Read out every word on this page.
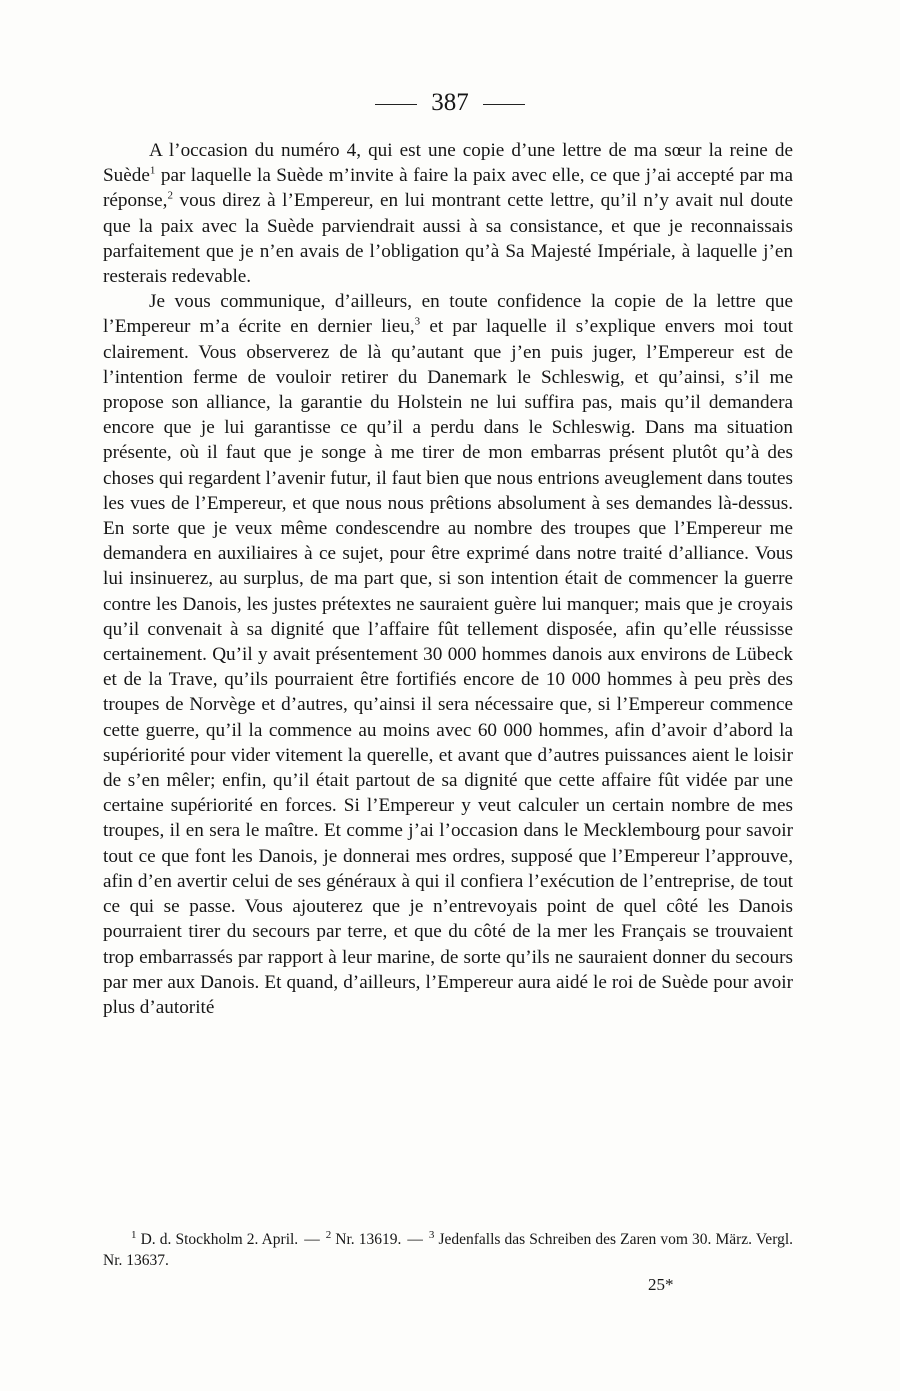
387

A l’occasion du numéro 4, qui est une copie d’une lettre de ma sœur la reine de Suède$^1$ par laquelle la Suède m’invite à faire la paix avec elle, ce que j’ai accepté par ma réponse,$^2$ vous direz à l’Empereur, en lui montrant cette lettre, qu’il n’y avait nul doute que la paix avec la Suède parviendrait aussi à sa consistance, et que je reconnaissais parfaitement que je n’en avais de l’obligation qu’à Sa Majesté Impériale, à laquelle j’en resterais redevable.

Je vous communique, d’ailleurs, en toute confidence la copie de la lettre que l’Empereur m’a écrite en dernier lieu,$^3$ et par laquelle il s’explique envers moi tout clairement. Vous observerez de là qu’autant que j’en puis juger, l’Empereur est de l’intention ferme de vouloir retirer du Danemark le Schleswig, et qu’ainsi, s’il me propose son alliance, la garantie du Holstein ne lui suffira pas, mais qu’il demandera encore que je lui garantisse ce qu’il a perdu dans le Schleswig. Dans ma situation présente, où il faut que je songe à me tirer de mon embarras présent plutôt qu’à des choses qui regardent l’avenir futur, il faut bien que nous entrions aveuglement dans toutes les vues de l’Empereur, et que nous nous prêtions absolument à ses demandes là-dessus. En sorte que je veux même condescendre au nombre des troupes que l’Empereur me demandera en auxiliaires à ce sujet, pour être exprimé dans notre traité d’alliance. Vous lui insinuerez, au surplus, de ma part que, si son intention était de commencer la guerre contre les Danois, les justes prétextes ne sauraient guère lui manquer; mais que je croyais qu’il convenait à sa dignité que l’affaire fût tellement disposée, afin qu’elle réussisse certainement. Qu’il y avait présentement 30 000 hommes danois aux environs de Lübeck et de la Trave, qu’ils pourraient être fortifiés encore de 10 000 hommes à peu près des troupes de Norvège et d’autres, qu’ainsi il sera nécessaire que, si l’Empereur commence cette guerre, qu’il la commence au moins avec 60 000 hommes, afin d’avoir d’abord la supériorité pour vider vitement la querelle, et avant que d’autres puissances aient le loisir de s’en mêler; enfin, qu’il était partout de sa dignité que cette affaire fût vidée par une certaine supériorité en forces. Si l’Empereur y veut calculer un certain nombre de mes troupes, il en sera le maître. Et comme j’ai l’occasion dans le Mecklembourg pour savoir tout ce que font les Danois, je donnerai mes ordres, supposé que l’Empereur l’approuve, afin d’en avertir celui de ses généraux à qui il confiera l’exécution de l’entreprise, de tout ce qui se passe. Vous ajouterez que je n’entrevoyais point de quel côté les Danois pourraient tirer du secours par terre, et que du côté de la mer les Français se trouvaient trop embarrassés par rapport à leur marine, de sorte qu’ils ne sauraient donner du secours par mer aux Danois. Et quand, d’ailleurs, l’Empereur aura aidé le roi de Suède pour avoir plus d’autorité

$^1$ D. d. Stockholm 2. April. — $^2$ Nr. 13619. — $^3$ Jedenfalls das Schreiben des Zaren vom 30. März. Vergl. Nr. 13637.

25*
